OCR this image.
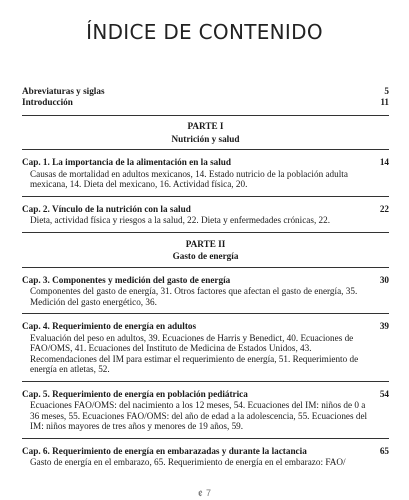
ÍNDICE DE CONTENIDO
Abreviaturas y siglas	5
Introducción	11
PARTE I
Nutrición y salud
Cap. 1. La importancia de la alimentación en la salud	14
Causas de mortalidad en adultos mexicanos, 14. Estado nutricio de la población adulta mexicana, 14. Dieta del mexicano, 16. Actividad física, 20.
Cap. 2. Vínculo de la nutrición con la salud	22
Dieta, actividad física y riesgos a la salud, 22. Dieta y enfermedades crónicas, 22.
PARTE II
Gasto de energía
Cap. 3. Componentes y medición del gasto de energía	30
Componentes del gasto de energía, 31. Otros factores que afectan el gasto de energía, 35. Medición del gasto energético, 36.
Cap. 4. Requerimiento de energía en adultos	39
Evaluación del peso en adultos, 39. Ecuaciones de Harris y Benedict, 40. Ecuaciones de FAO/OMS, 41. Ecuaciones del Instituto de Medicina de Estados Unidos, 43. Recomendaciones del IM para estimar el requerimiento de energía, 51. Requerimiento de energía en atletas, 52.
Cap. 5. Requerimiento de energía en población pediátrica	54
Ecuaciones FAO/OMS: del nacimiento a los 12 meses, 54. Ecuaciones del IM: niños de 0 a 36 meses, 55. Ecuaciones FAO/OMS: del año de edad a la adolescencia, 55. Ecuaciones del IM: niños mayores de tres años y menores de 19 años, 59.
Cap. 6. Requerimiento de energía en embarazadas y durante la lactancia	65
Gasto de energía en el embarazo, 65. Requerimiento de energía en el embarazo: FAO/
ꬲ 7
